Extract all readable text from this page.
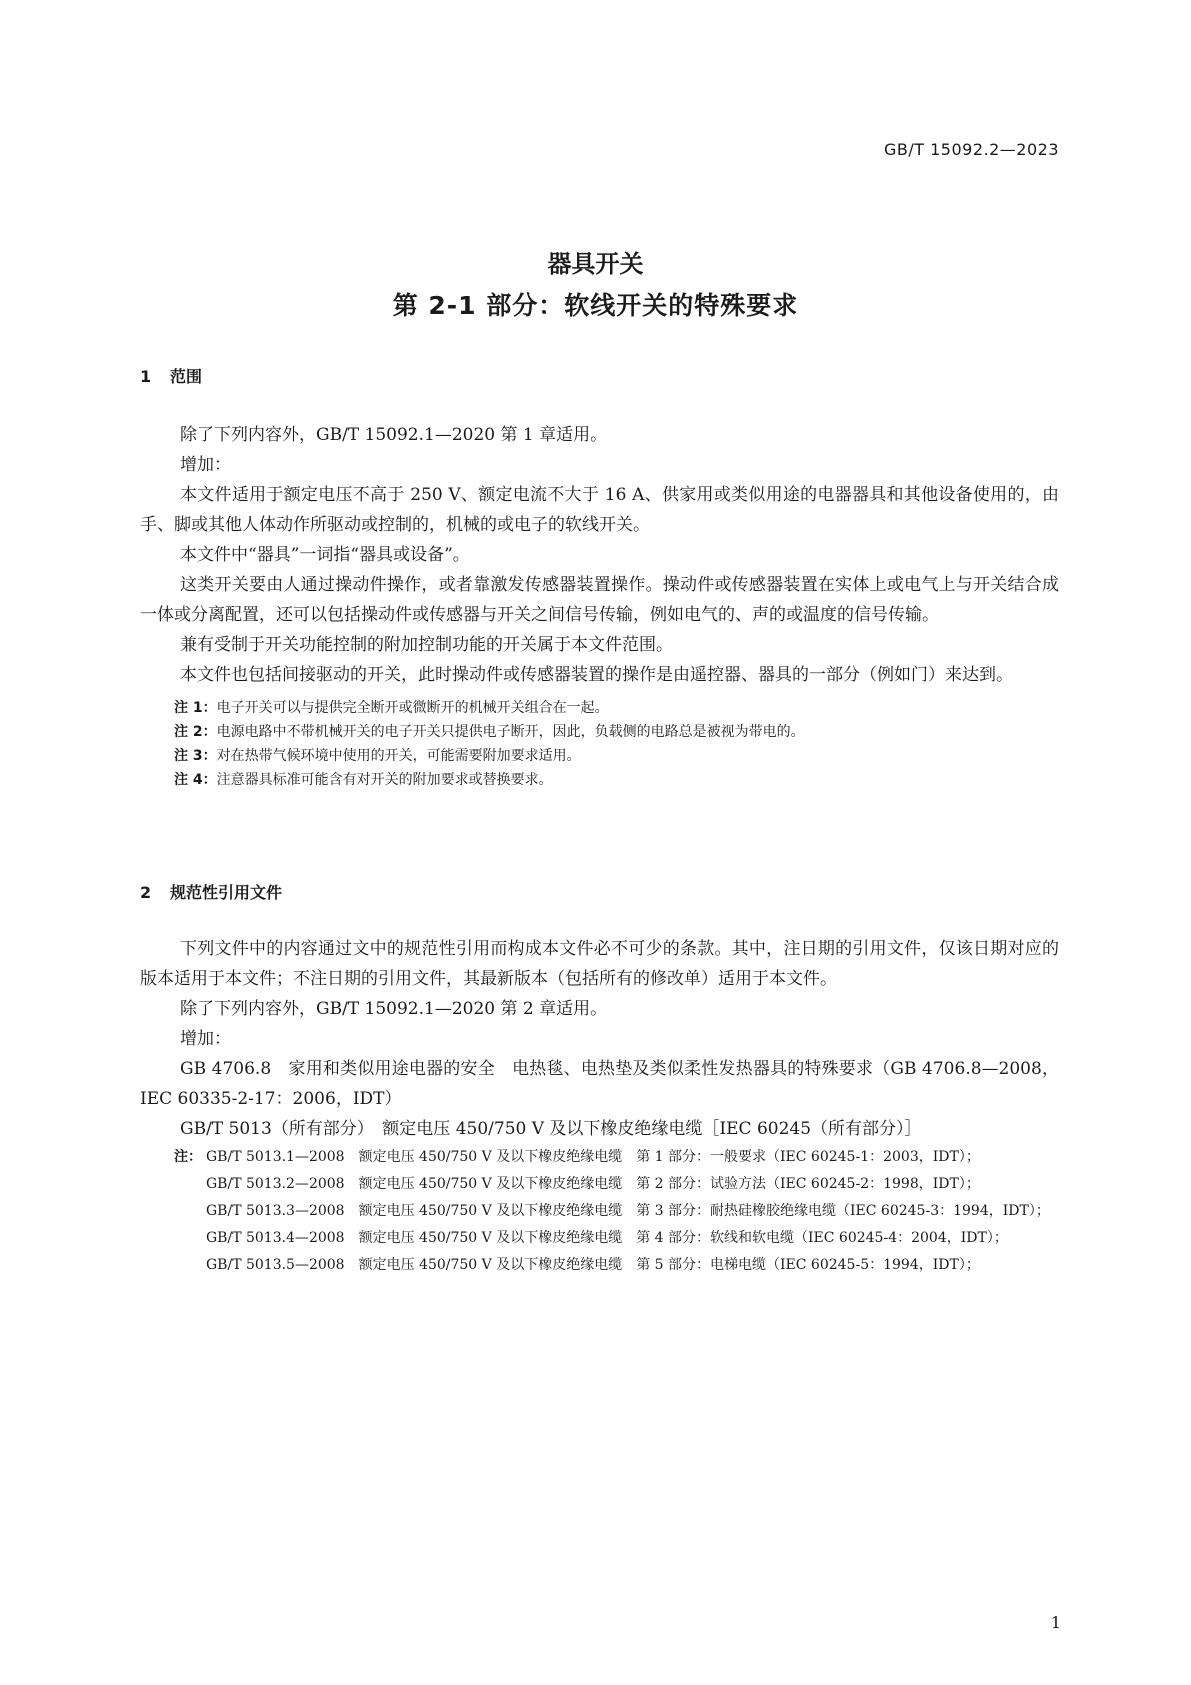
GB/T 15092.2—2023
器具开关
第 2-1 部分：软线开关的特殊要求
1 范围

除了下列内容外，GB/T 15092.1—2020 第 1 章适用。

增加：

本文件适用于额定电压不高于 250 V、额定电流不大于 16 A、供家用或类似用途的电器器具和其他设备使用的，由手、脚或其他人体动作所驱动或控制的，机械的或电子的软线开关。

本文件中“器具”一词指“器具或设备”。

这类开关要由人通过操动件操作，或者靠激发传感器装置操作。操动件或传感器装置在实体上或电气上与开关结合成一体或分离配置，还可以包括操动件或传感器与开关之间信号传输，例如电气的、声的或温度的信号传输。

兼有受制于开关功能控制的附加控制功能的开关属于本文件范围。

本文件也包括间接驱动的开关，此时操动件或传感器装置的操作是由遥控器、器具的一部分（例如门）来达到。

注 1：电子开关可以与提供完全断开或微断开的机械开关组合在一起。

注 2：电源电路中不带机械开关的电子开关只提供电子断开，因此，负载侧的电路总是被视为带电的。

注 3：对在热带气候环境中使用的开关，可能需要附加要求适用。

注 4：注意器具标准可能含有对开关的附加要求或替换要求。

2 规范性引用文件

下列文件中的内容通过文中的规范性引用而构成本文件必不可少的条款。其中，注日期的引用文件，仅该日期对应的版本适用于本文件；不注日期的引用文件，其最新版本（包括所有的修改单）适用于本文件。

除了下列内容外，GB/T 15092.1—2020 第 2 章适用。

增加：

GB 4706.8　家用和类似用途电器的安全　电热毯、电热垫及类似柔性发热器具的特殊要求（GB 4706.8—2008，IEC 60335-2-17：2006，IDT）

GB/T 5013（所有部分）　额定电压 450/750 V 及以下橡皮绝缘电缆［IEC 60245（所有部分）］

注： GB/T 5013.1—2008　额定电压 450/750 V 及以下橡皮绝缘电缆　第 1 部分：一般要求（IEC 60245-1：2003，IDT）；
GB/T 5013.2—2008　额定电压 450/750 V 及以下橡皮绝缘电缆　第 2 部分：试验方法（IEC 60245-2：1998，IDT）；
GB/T 5013.3—2008　额定电压 450/750 V 及以下橡皮绝缘电缆　第 3 部分：耐热硅橡胶绝缘电缆（IEC 60245-3：1994，IDT）；
GB/T 5013.4—2008　额定电压 450/750 V 及以下橡皮绝缘电缆　第 4 部分：软线和软电缆（IEC 60245-4：2004，IDT）；
GB/T 5013.5—2008　额定电压 450/750 V 及以下橡皮绝缘电缆　第 5 部分：电梯电缆（IEC 60245-5：1994，IDT）；
1
